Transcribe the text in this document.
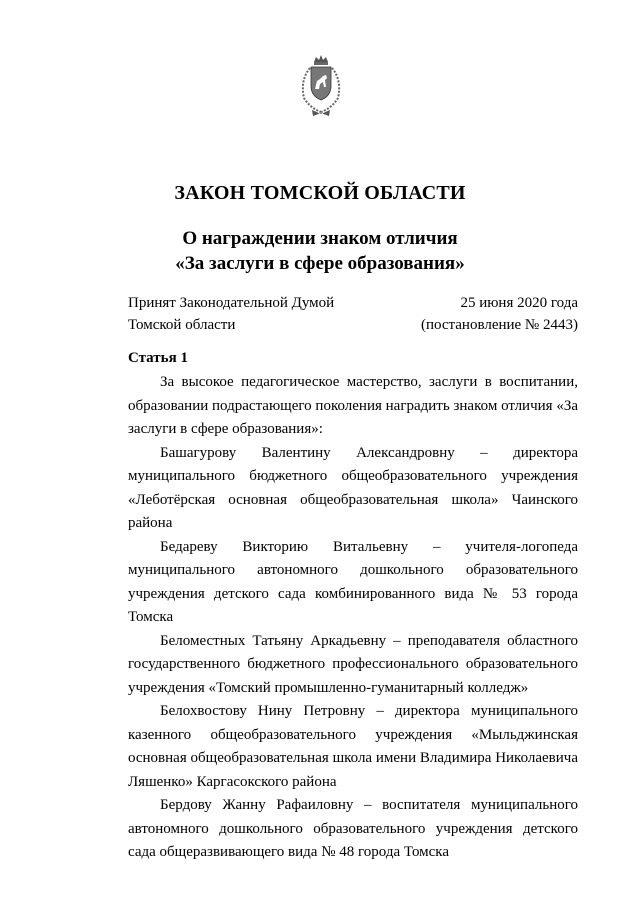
ЗАКОН ТОМСКОЙ ОБЛАСТИ
О награждении знаком отличия
«За заслуги в сфере образования»
Принят Законодательной Думой
Томской области
25 июня 2020 года
(постановление № 2443)
Статья 1

За высокое педагогическое мастерство, заслуги в воспитании, образовании подрастающего поколения наградить знаком отличия «За заслуги в сфере образования»:

Башагурову Валентину Александровну – директора муниципального бюджетного общеобразовательного учреждения «Леботёрская основная общеобразовательная школа» Чаинского района

Бедареву Викторию Витальевну – учителя-логопеда муниципального автономного дошкольного образовательного учреждения детского сада комбинированного вида № 53 города Томска

Беломестных Татьяну Аркадьевну – преподавателя областного государственного бюджетного профессионального образовательного учреждения «Томский промышленно-гуманитарный колледж»

Белохвостову Нину Петровну – директора муниципального казенного общеобразовательного учреждения «Мыльджинская основная общеобразовательная школа имени Владимира Николаевича Ляшенко» Каргасокского района

Бердову Жанну Рафаиловну – воспитателя муниципального автономного дошкольного образовательного учреждения детского сада общеразвивающего вида № 48 города Томска
